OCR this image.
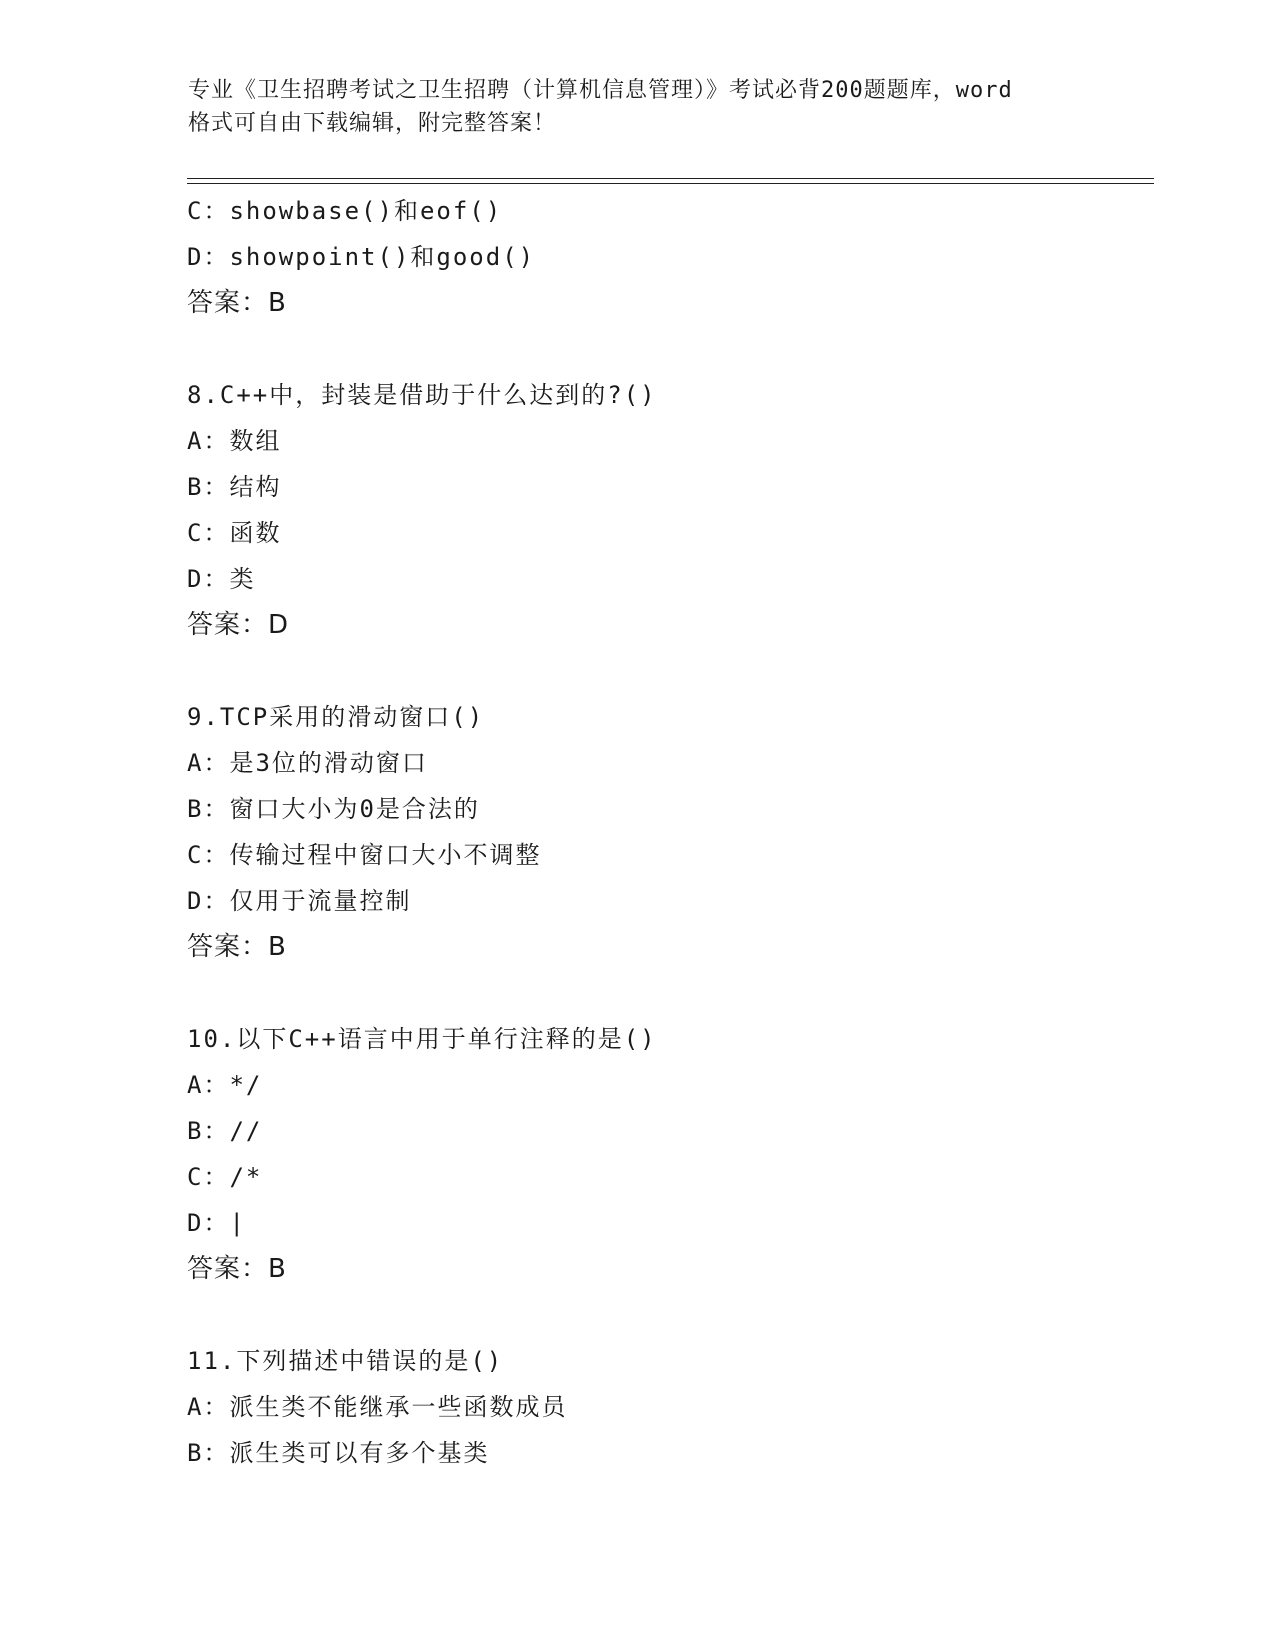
专业《卫生招聘考试之卫生招聘（计算机信息管理）》考试必背200题题库，word
格式可自由下载编辑，附完整答案！
C：showbase()和eof()
D：showpoint()和good()
答案：B
8.C++中，封装是借助于什么达到的?()
A：数组
B：结构
C：函数
D：类
答案：D
9.TCP采用的滑动窗口()
A：是3位的滑动窗口
B：窗口大小为0是合法的
C：传输过程中窗口大小不调整
D：仅用于流量控制
答案：B
10.以下C++语言中用于单行注释的是()
A：*/
B：//
C：/*
D：|
答案：B
11.下列描述中错误的是()
A：派生类不能继承一些函数成员
B：派生类可以有多个基类
